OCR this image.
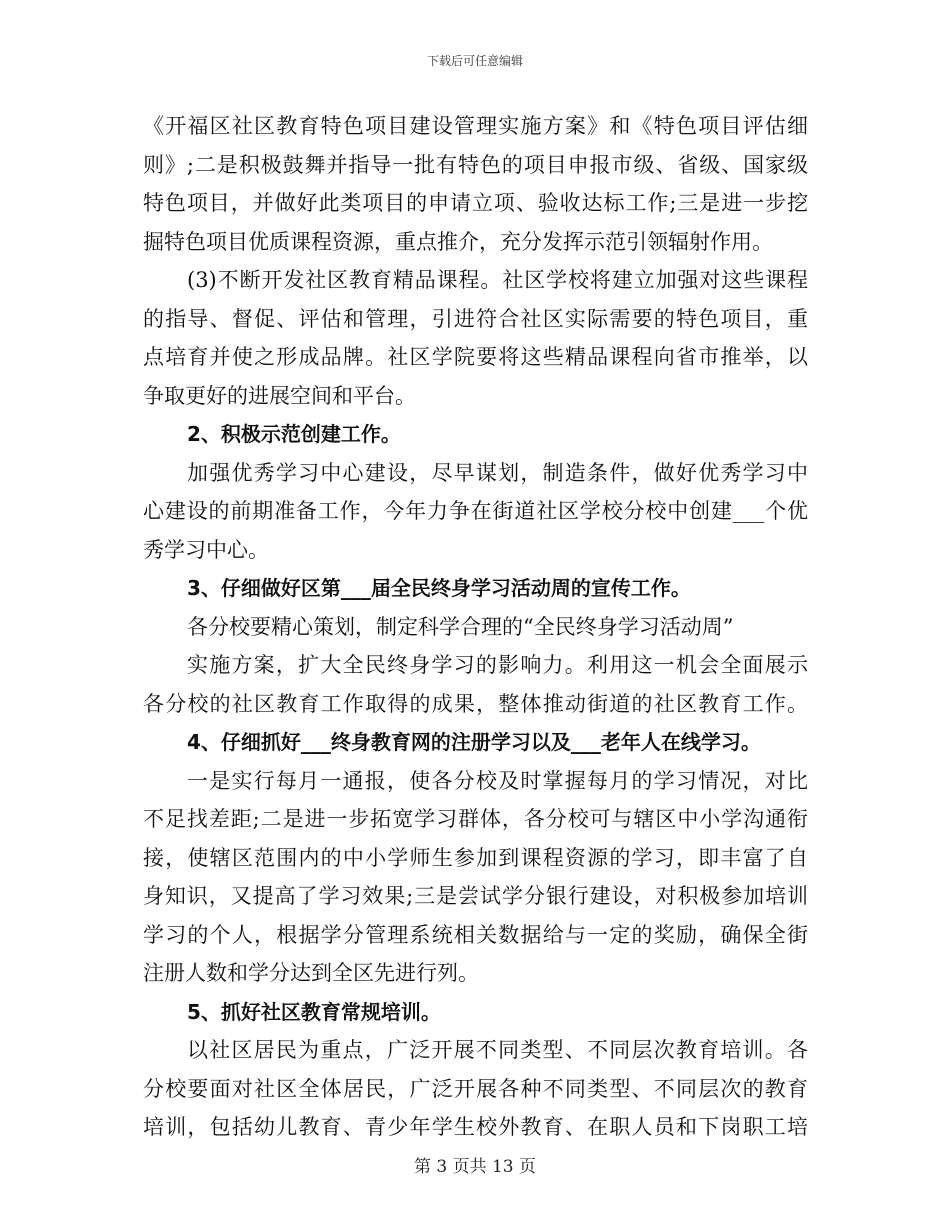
下载后可任意编辑
《开福区社区教育特色项目建设管理实施方案》和《特色项目评估细
则》;二是积极鼓舞并指导一批有特色的项目申报市级、省级、国家级
特色项目，并做好此类项目的申请立项、验收达标工作;三是进一步挖
掘特色项目优质课程资源，重点推介，充分发挥示范引领辐射作用。
(3)不断开发社区教育精品课程。社区学校将建立加强对这些课程
的指导、督促、评估和管理，引进符合社区实际需要的特色项目，重
点培育并使之形成品牌。社区学院要将这些精品课程向省市推举，以
争取更好的进展空间和平台。
2、积极示范创建工作。
加强优秀学习中心建设，尽早谋划，制造条件，做好优秀学习中
心建设的前期准备工作，今年力争在街道社区学校分校中创建___个优
秀学习中心。
3、仔细做好区第___届全民终身学习活动周的宣传工作。
各分校要精心策划，制定科学合理的“全民终身学习活动周”
实施方案，扩大全民终身学习的影响力。利用这一机会全面展示
各分校的社区教育工作取得的成果，整体推动街道的社区教育工作。
4、仔细抓好___终身教育网的注册学习以及___老年人在线学习。
一是实行每月一通报，使各分校及时掌握每月的学习情况，对比
不足找差距;二是进一步拓宽学习群体，各分校可与辖区中小学沟通衔
接，使辖区范围内的中小学师生参加到课程资源的学习，即丰富了自
身知识，又提高了学习效果;三是尝试学分银行建设，对积极参加培训
学习的个人，根据学分管理系统相关数据给与一定的奖励，确保全街
注册人数和学分达到全区先进行列。
5、抓好社区教育常规培训。
以社区居民为重点，广泛开展不同类型、不同层次教育培训。各
分校要面对社区全体居民，广泛开展各种不同类型、不同层次的教育
培训，包括幼儿教育、青少年学生校外教育、在职人员和下岗职工培
第 3 页共 13 页
